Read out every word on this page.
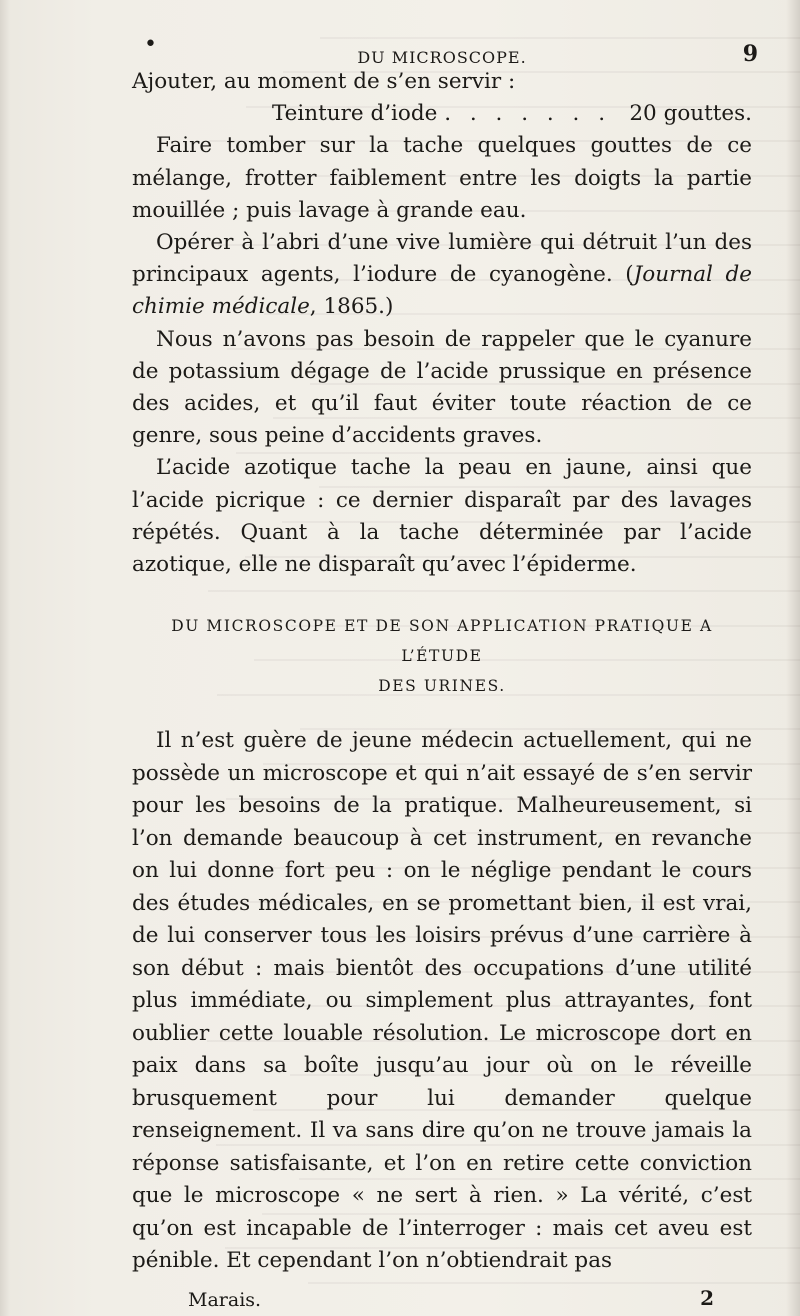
•
DU MICROSCOPE.	9

Ajouter, au moment de s’en servir :

Teinture d’iode . . . . . . . 20 gouttes.

Faire tomber sur la tache quelques gouttes de ce mélange, frotter faiblement entre les doigts la partie mouillée ; puis lavage à grande eau.

Opérer à l’abri d’une vive lumière qui détruit l’un des principaux agents, l’iodure de cyanogène. (Journal de chimie médicale, 1865.)

Nous n’avons pas besoin de rappeler que le cyanure de potassium dégage de l’acide prussique en présence des acides, et qu’il faut éviter toute réaction de ce genre, sous peine d’accidents graves.

L’acide azotique tache la peau en jaune, ainsi que l’acide picrique : ce dernier disparaît par des lavages répétés. Quant à la tache déterminée par l’acide azotique, elle ne disparaît qu’avec l’épiderme.

DU MICROSCOPE ET DE SON APPLICATION PRATIQUE A L’ÉTUDE
DES URINES.

Il n’est guère de jeune médecin actuellement, qui ne possède un microscope et qui n’ait essayé de s’en servir pour les besoins de la pratique. Malheureusement, si l’on demande beaucoup à cet instrument, en revanche on lui donne fort peu : on le néglige pendant le cours des études médicales, en se promettant bien, il est vrai, de lui conserver tous les loisirs prévus d’une carrière à son début : mais bientôt des occupations d’une utilité plus immédiate, ou simplement plus attrayantes, font oublier cette louable résolution. Le microscope dort en paix dans sa boîte jusqu’au jour où on le réveille brusquement pour lui demander quelque renseignement. Il va sans dire qu’on ne trouve jamais la réponse satisfaisante, et l’on en retire cette conviction que le microscope « ne sert à rien. » La vérité, c’est qu’on est incapable de l’interroger : mais cet aveu est pénible. Et cependant l’on n’obtiendrait pas

Marais.	2
